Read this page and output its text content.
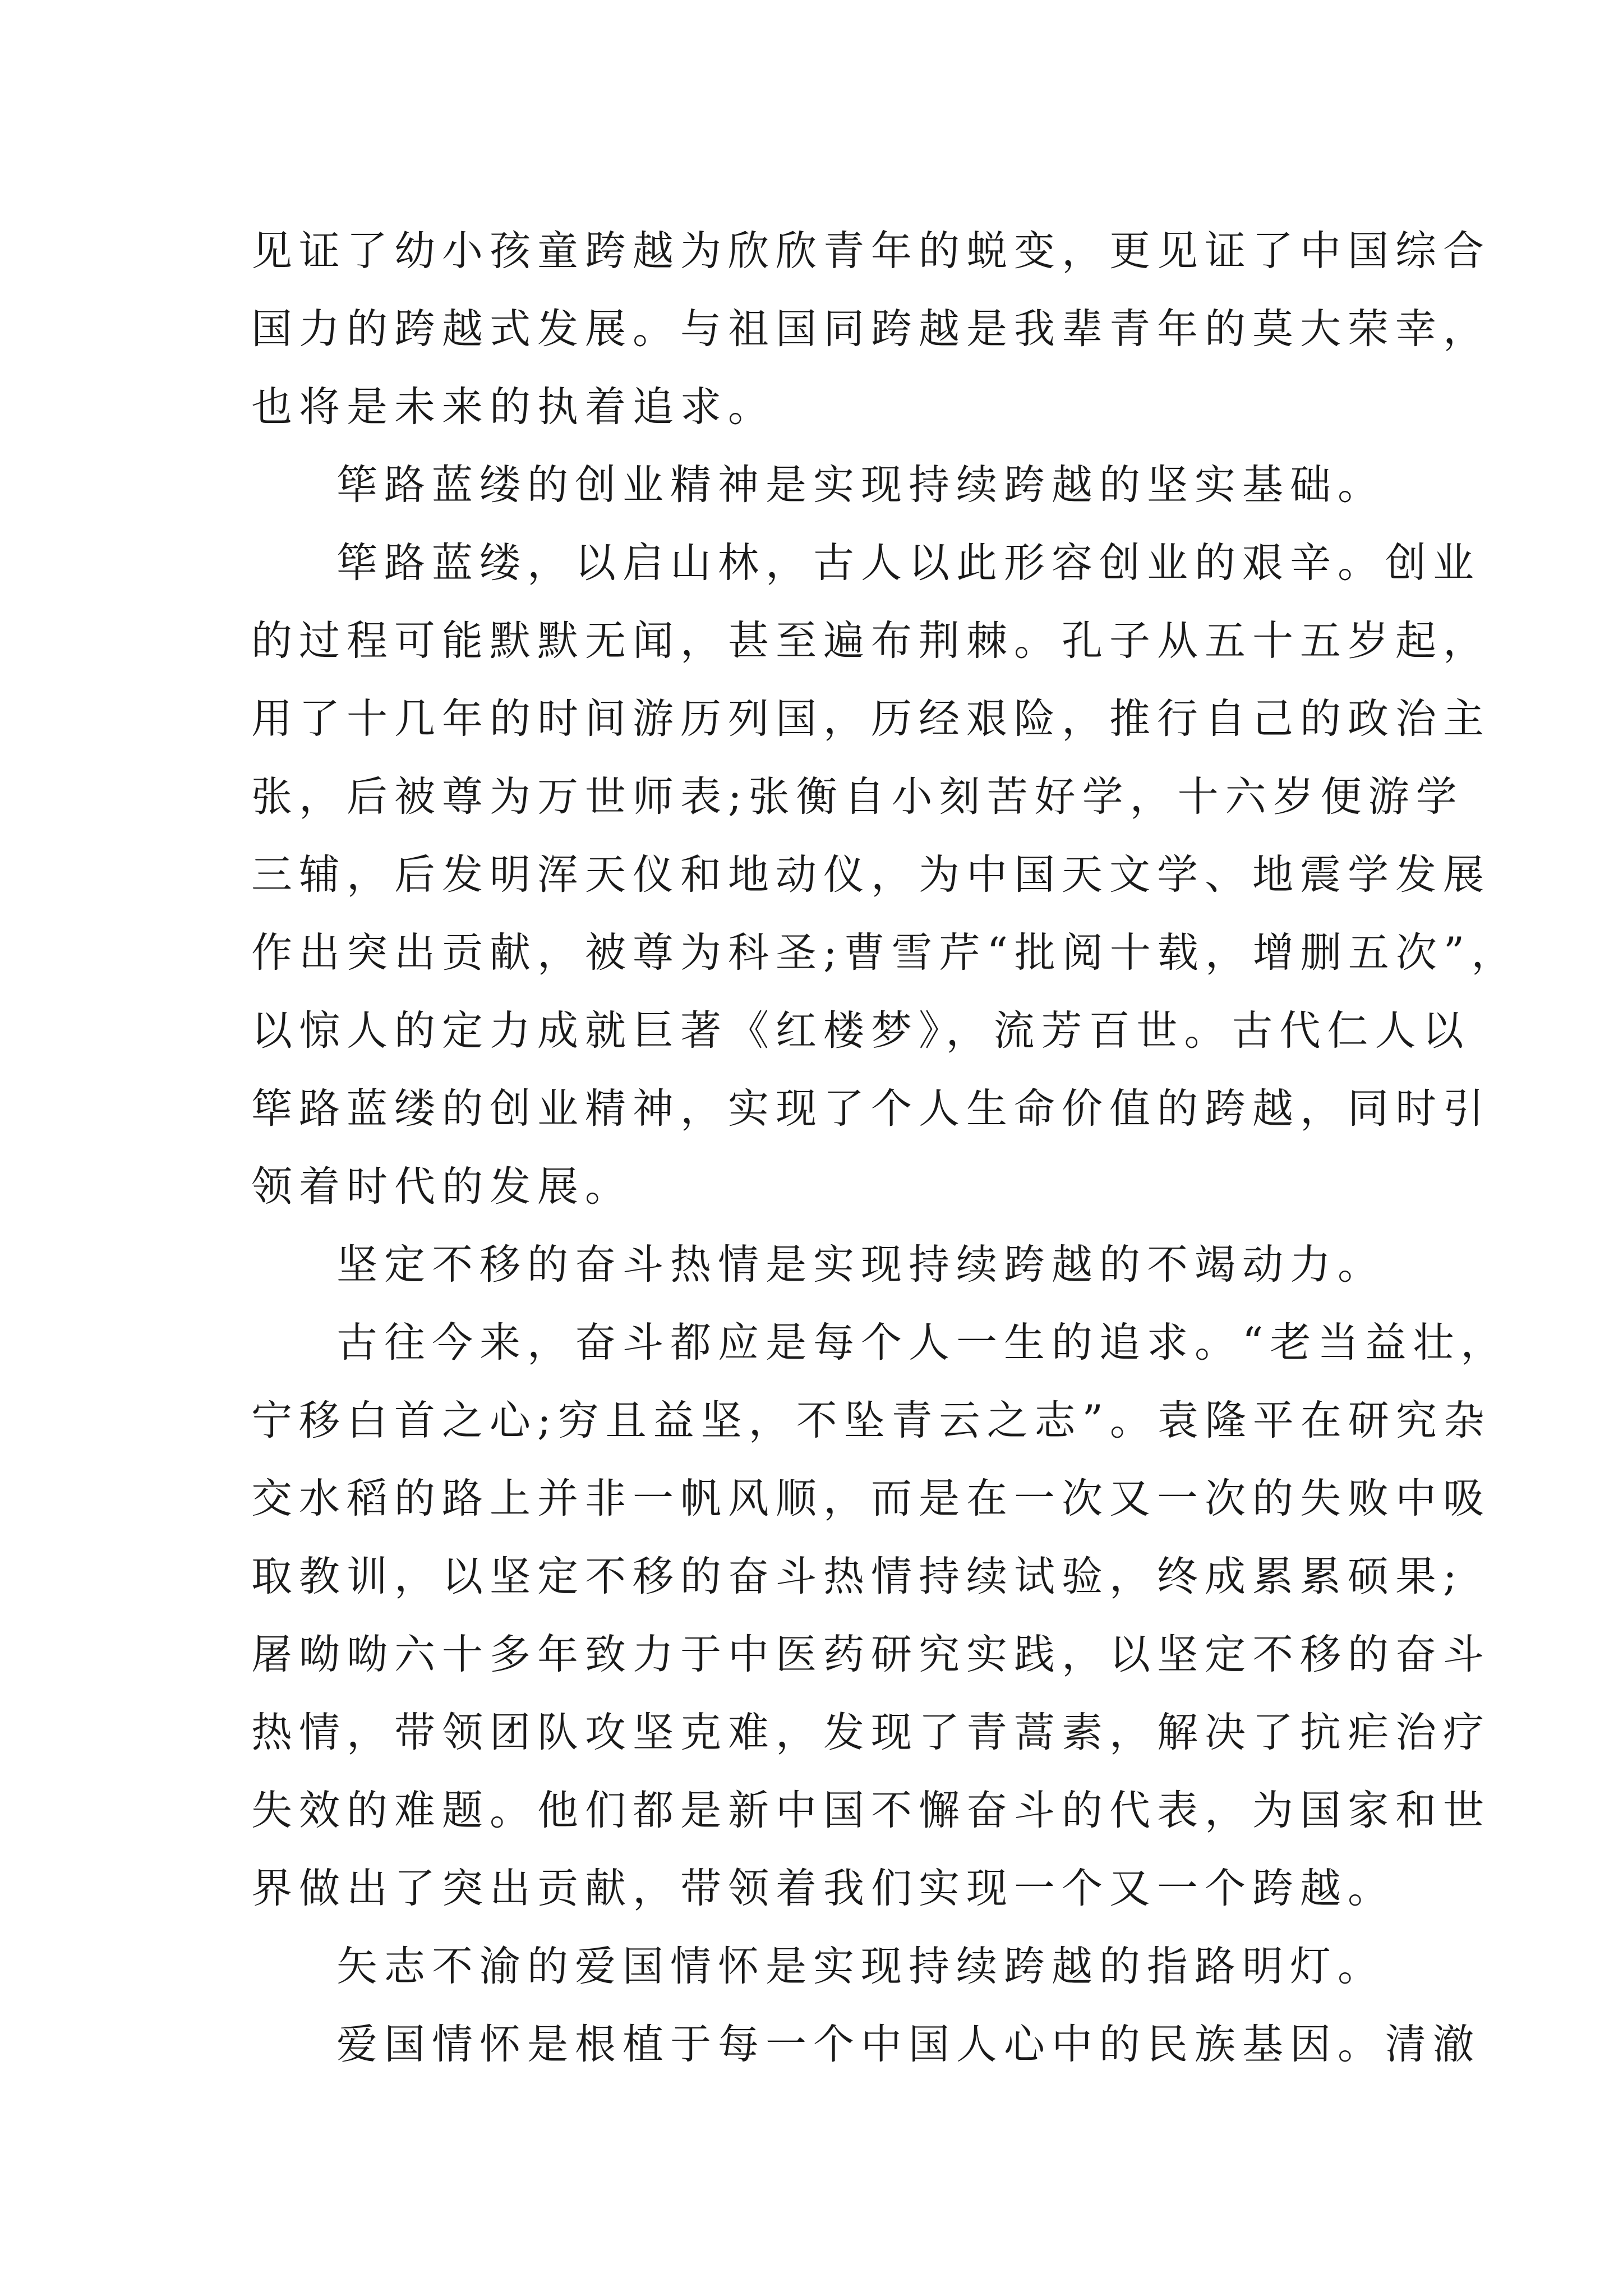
见证了幼小孩童跨越为欣欣青年的蜕变，更见证了中国综合
国力的跨越式发展。与祖国同跨越是我辈青年的莫大荣幸，
也将是未来的执着追求。
筚路蓝缕的创业精神是实现持续跨越的坚实基础。
筚路蓝缕，以启山林，古人以此形容创业的艰辛。创业
的过程可能默默无闻，甚至遍布荆棘。孔子从五十五岁起，
用了十几年的时间游历列国，历经艰险，推行自己的政治主
张，后被尊为万世师表;张衡自小刻苦好学，十六岁便游学
三辅，后发明浑天仪和地动仪，为中国天文学、地震学发展
作出突出贡献，被尊为科圣;曹雪芹“批阅十载，增删五次”，
以惊人的定力成就巨著《红楼梦》，流芳百世。古代仁人以
筚路蓝缕的创业精神，实现了个人生命价值的跨越，同时引
领着时代的发展。
坚定不移的奋斗热情是实现持续跨越的不竭动力。
古往今来，奋斗都应是每个人一生的追求。“老当益壮，
宁移白首之心;穷且益坚，不坠青云之志”。袁隆平在研究杂
交水稻的路上并非一帆风顺，而是在一次又一次的失败中吸
取教训，以坚定不移的奋斗热情持续试验，终成累累硕果;
屠呦呦六十多年致力于中医药研究实践，以坚定不移的奋斗
热情，带领团队攻坚克难，发现了青蒿素，解决了抗疟治疗
失效的难题。他们都是新中国不懈奋斗的代表，为国家和世
界做出了突出贡献，带领着我们实现一个又一个跨越。
矢志不渝的爱国情怀是实现持续跨越的指路明灯。
爱国情怀是根植于每一个中国人心中的民族基因。清澈
